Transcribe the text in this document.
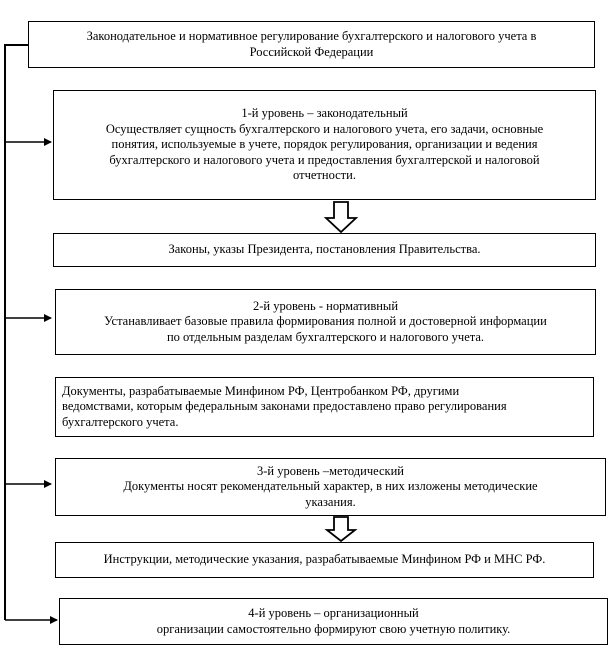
Законодательное и нормативное регулирование бухгалтерского и налогового учета в
Российской Федерации
1-й уровень – законодательный
Осуществляет сущность бухгалтерского и налогового учета, его задачи, основные
понятия, используемые в учете, порядок регулирования, организации и ведения
бухгалтерского и налогового учета и предоставления бухгалтерской и налоговой
отчетности.
Законы, указы Президента, постановления Правительства.
2-й уровень - нормативный
Устанавливает базовые правила формирования полной и достоверной информации
по отдельным разделам бухгалтерского и налогового учета.
Документы, разрабатываемые Минфином РФ, Центробанком РФ, другими
ведомствами, которым федеральным законами предоставлено право регулирования
бухгалтерского учета.
3-й уровень –методический
Документы носят рекомендательный характер, в них изложены методические
указания.
Инструкции, методические указания, разрабатываемые Минфином РФ и МНС РФ.
4-й уровень – организационный
организации самостоятельно формируют свою учетную политику.
